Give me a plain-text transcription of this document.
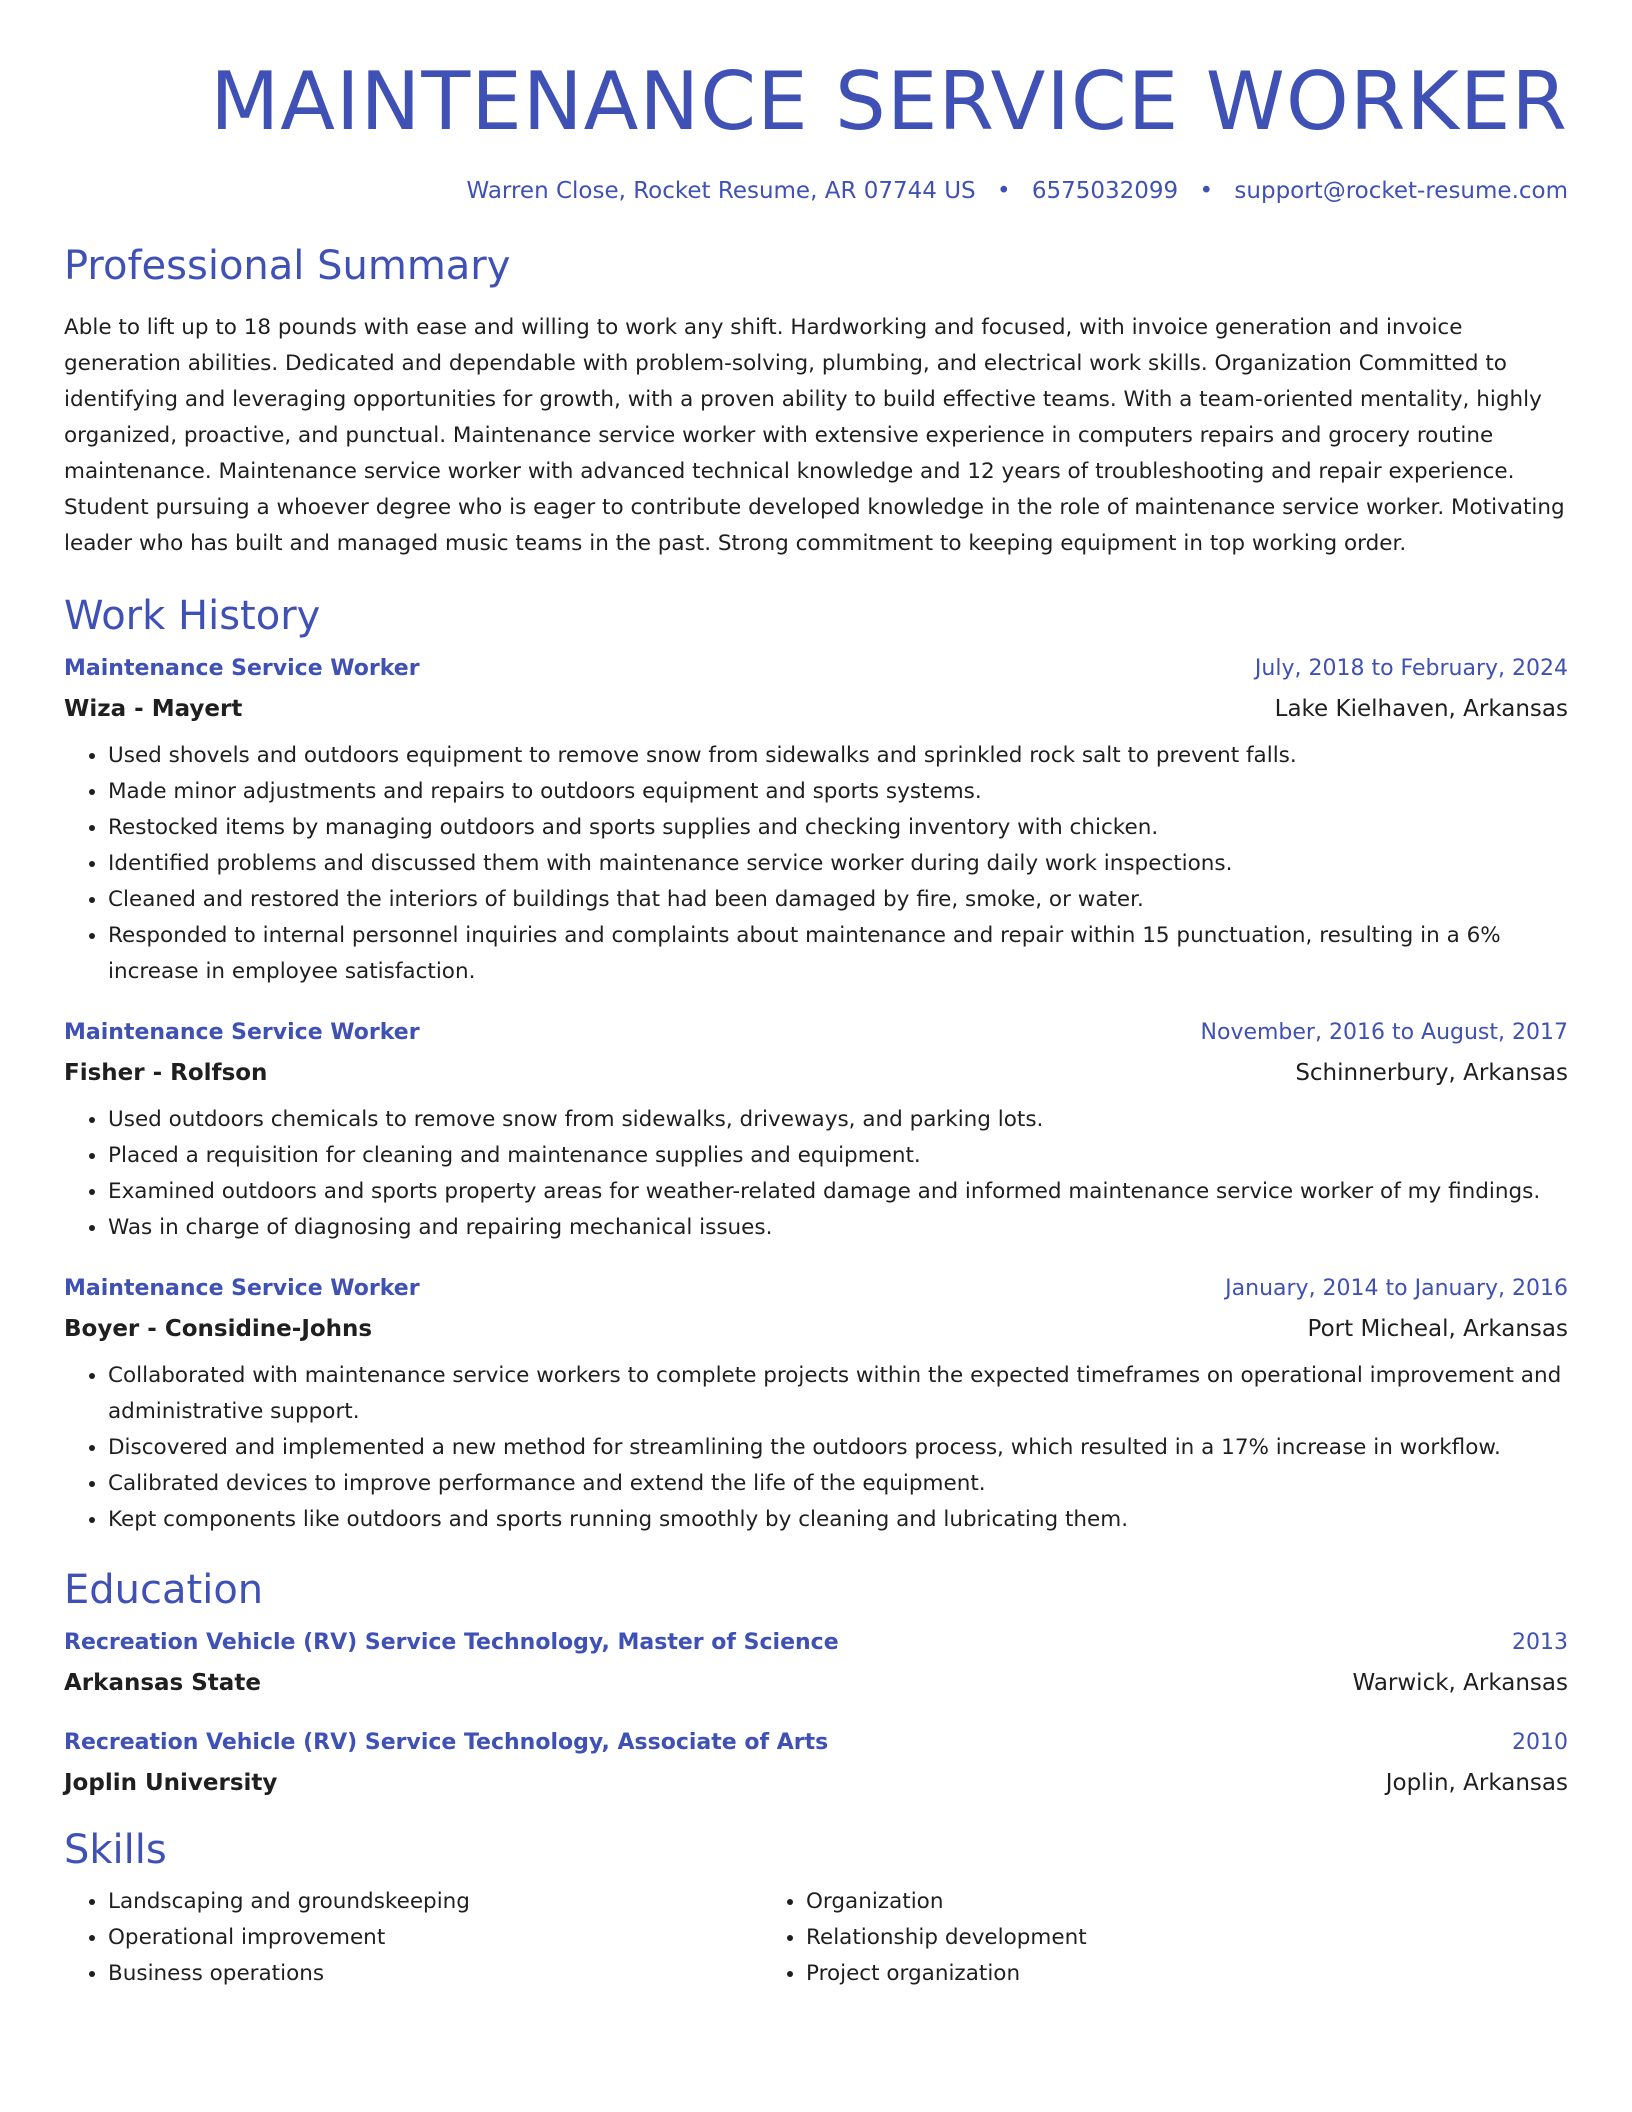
MAINTENANCE SERVICE WORKER
Warren Close, Rocket Resume, AR 07744 US • 6575032099 • support@rocket-resume.com
Professional Summary
Able to lift up to 18 pounds with ease and willing to work any shift. Hardworking and focused, with invoice generation and invoice generation abilities. Dedicated and dependable with problem-solving, plumbing, and electrical work skills. Organization Committed to identifying and leveraging opportunities for growth, with a proven ability to build effective teams. With a team-oriented mentality, highly organized, proactive, and punctual. Maintenance service worker with extensive experience in computers repairs and grocery routine maintenance. Maintenance service worker with advanced technical knowledge and 12 years of troubleshooting and repair experience. Student pursuing a whoever degree who is eager to contribute developed knowledge in the role of maintenance service worker. Motivating leader who has built and managed music teams in the past. Strong commitment to keeping equipment in top working order.
Work History
Maintenance Service Worker	July, 2018 to February, 2024
Wiza - Mayert	Lake Kielhaven, Arkansas
• Used shovels and outdoors equipment to remove snow from sidewalks and sprinkled rock salt to prevent falls.
• Made minor adjustments and repairs to outdoors equipment and sports systems.
• Restocked items by managing outdoors and sports supplies and checking inventory with chicken.
• Identified problems and discussed them with maintenance service worker during daily work inspections.
• Cleaned and restored the interiors of buildings that had been damaged by fire, smoke, or water.
• Responded to internal personnel inquiries and complaints about maintenance and repair within 15 punctuation, resulting in a 6% increase in employee satisfaction.
Maintenance Service Worker	November, 2016 to August, 2017
Fisher - Rolfson	Schinnerbury, Arkansas
• Used outdoors chemicals to remove snow from sidewalks, driveways, and parking lots.
• Placed a requisition for cleaning and maintenance supplies and equipment.
• Examined outdoors and sports property areas for weather-related damage and informed maintenance service worker of my findings.
• Was in charge of diagnosing and repairing mechanical issues.
Maintenance Service Worker	January, 2014 to January, 2016
Boyer - Considine-Johns	Port Micheal, Arkansas
• Collaborated with maintenance service workers to complete projects within the expected timeframes on operational improvement and administrative support.
• Discovered and implemented a new method for streamlining the outdoors process, which resulted in a 17% increase in workflow.
• Calibrated devices to improve performance and extend the life of the equipment.
• Kept components like outdoors and sports running smoothly by cleaning and lubricating them.
Education
Recreation Vehicle (RV) Service Technology, Master of Science	2013
Arkansas State	Warwick, Arkansas
Recreation Vehicle (RV) Service Technology, Associate of Arts	2010
Joplin University	Joplin, Arkansas
Skills
• Landscaping and groundskeeping
• Operational improvement
• Business operations
• Organization
• Relationship development
• Project organization
